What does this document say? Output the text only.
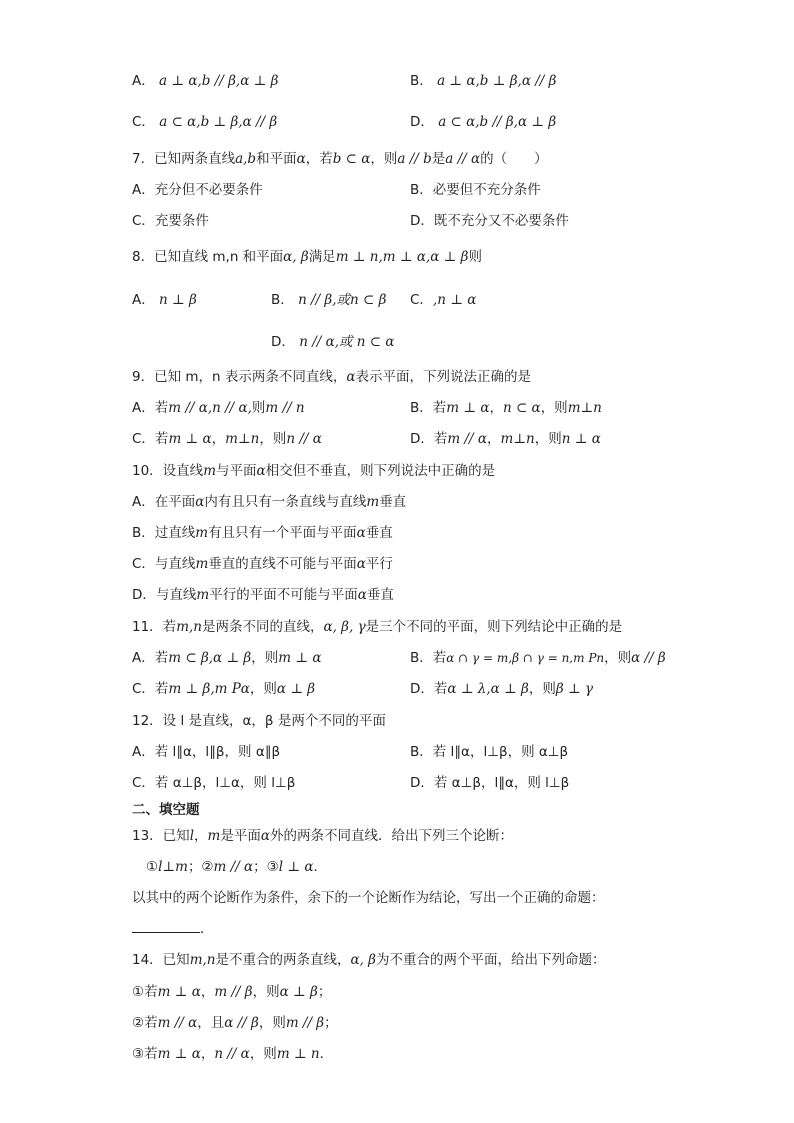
A． a ⊥ α,b // β,α ⊥ β	B． a ⊥ α,b ⊥ β,α // β
C． a ⊂ α,b ⊥ β,α // β	D． a ⊂ α,b // β,α ⊥ β
7．已知两条直线a,b和平面α，若b ⊂ α，则a // b是a // α的（　　）
A．充分但不必要条件	B．必要但不充分条件
C．充要条件	D．既不充分又不必要条件
8．已知直线 m,n 和平面α, β满足m ⊥ n,m ⊥ α,α ⊥ β则
A． n ⊥ β	B． n // β,或n ⊂ β C．,n ⊥ α
D． n // α,或 n ⊂ α
9．已知 m，n 表示两条不同直线，α表示平面，下列说法正确的是
A．若m // α,n // α,则m // n	B．若m ⊥ α，n ⊂ α，则m⊥n
C．若m ⊥ α，m⊥n，则n // α	D．若m // α，m⊥n，则n ⊥ α
10．设直线m与平面α相交但不垂直，则下列说法中正确的是
A．在平面α内有且只有一条直线与直线m垂直
B．过直线m有且只有一个平面与平面α垂直
C．与直线m垂直的直线不可能与平面α平行
D．与直线m平行的平面不可能与平面α垂直
11．若m,n是两条不同的直线，α, β, γ是三个不同的平面，则下列结论中正确的是
A．若m ⊂ β,α ⊥ β，则m ⊥ α	B．若α ∩ γ = m,β ∩ γ = n,m Pn，则α // β
C．若m ⊥ β,m Pα，则α ⊥ β	D．若α ⊥ λ,α ⊥ β，则β ⊥ γ
12．设 l 是直线，α，β 是两个不同的平面
A．若 l∥α，l∥β，则 α∥β	B．若 l∥α，l⊥β，则 α⊥β
C．若 α⊥β，l⊥α，则 l⊥β	D．若 α⊥β，l∥α，则 l⊥β
二、填空题
13．已知l，m是平面α外的两条不同直线．给出下列三个论断：
①l⊥m；②m // α；③l ⊥ α．
以其中的两个论断作为条件，余下的一个论断作为结论，写出一个正确的命题：
．
14．已知m,n是不重合的两条直线，α, β为不重合的两个平面，给出下列命题：
①若m ⊥ α，m // β，则α ⊥ β；
②若m // α，且α // β，则m // β；
③若m ⊥ α，n // α，则m ⊥ n．
